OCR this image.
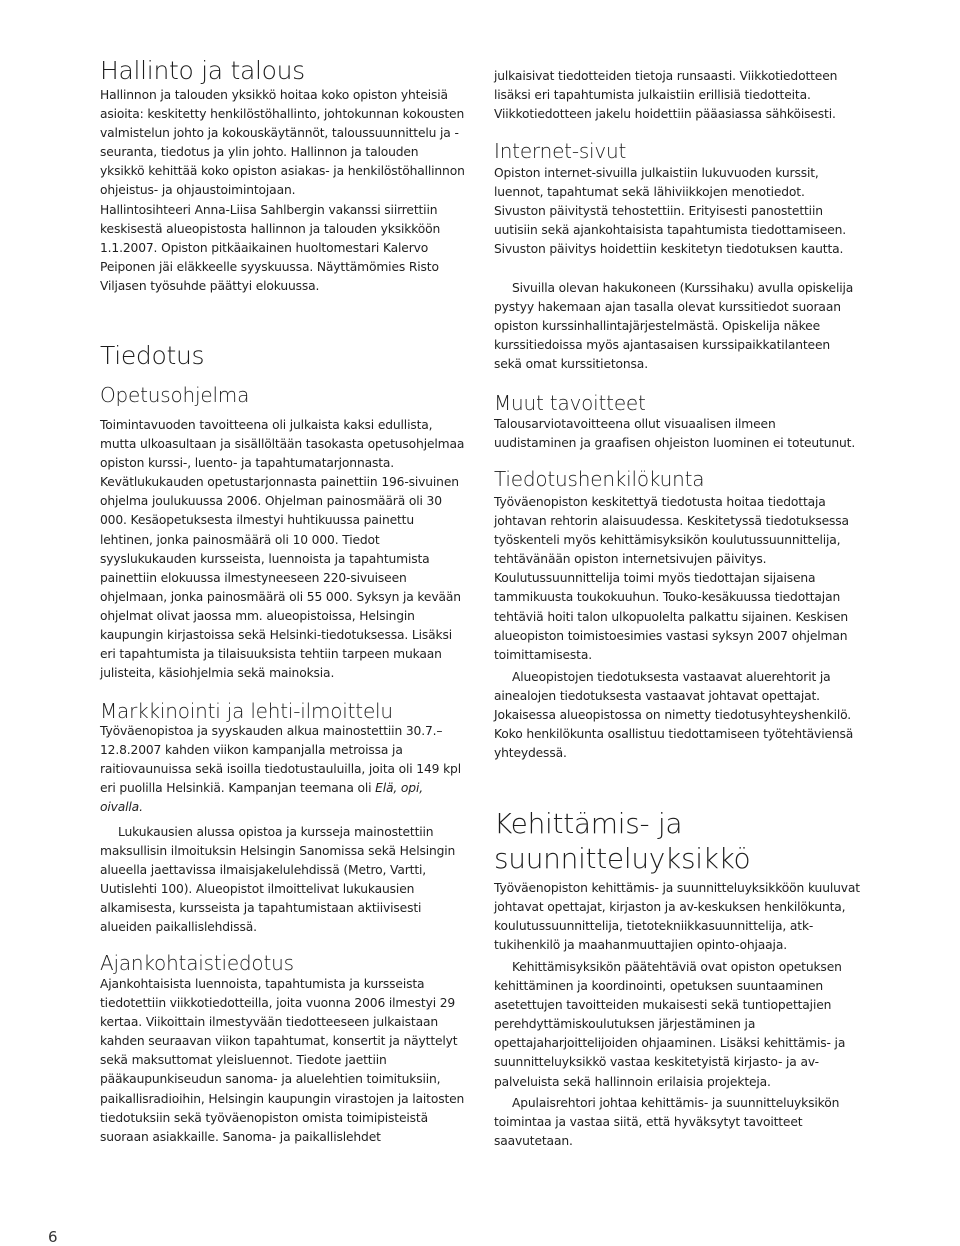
Hallinto ja talous

Hallinnon ja talouden yksikkö hoitaa koko opiston yhteisiä asioita: keskitetty henkilöstöhallinto, johtokunnan kokousten valmistelun johto ja kokouskäytännöt, taloussuunnittelu ja -seuranta, tiedotus ja ylin johto. Hallinnon ja talouden yksikkö kehittää koko opiston asiakas- ja henkilöstöhallinnon ohjeistus- ja ohjaustoimintojaan.

Hallintosihteeri Anna-Liisa Sahlbergin vakanssi siirrettiin keskisestä alueopistosta hallinnon ja talouden yksikköön 1.1.2007. Opiston pitkäaikainen huoltomestari Kalervo Peiponen jäi eläkkeelle syyskuussa. Näyttämömies Risto Viljasen työsuhde päättyi elokuussa.

Tiedotus
Opetusohjelma

Toimintavuoden tavoitteena oli julkaista kaksi edullista, mutta ulkoasultaan ja sisällöltään tasokasta opetusohjelmaa opiston kurssi-, luento- ja tapahtumatarjonnasta. Kevätlukukauden opetustarjonnasta painettiin 196-sivuinen ohjelma joulukuussa 2006. Ohjelman painosmäärä oli 30 000. Kesäopetuksesta ilmestyi huhtikuussa painettu lehtinen, jonka painosmäärä oli 10 000. Tiedot syyslukukauden kursseista, luennoista ja tapahtumista painettiin elokuussa ilmestyneeseen 220-sivuiseen ohjelmaan, jonka painosmäärä oli 55 000. Syksyn ja kevään ohjelmat olivat jaossa mm. alueopistoissa, Helsingin kaupungin kirjastoissa sekä Helsinki-tiedotuksessa. Lisäksi eri tapahtumista ja tilaisuuksista tehtiin tarpeen mukaan julisteita, käsiohjelmia sekä mainoksia.

Markkinointi ja lehti-ilmoittelu

Työväenopistoa ja syyskauden alkua mainostettiin 30.7.–12.8.2007 kahden viikon kampanjalla metroissa ja raitiovaunuissa sekä isoilla tiedotustauluilla, joita oli 149 kpl eri puolilla Helsinkiä. Kampanjan teemana oli Elä, opi, oivalla.

Lukukausien alussa opistoa ja kursseja mainostettiin maksullisin ilmoituksin Helsingin Sanomissa sekä Helsingin alueella jaettavissa ilmaisjakelulehdissä (Metro, Vartti, Uutislehti 100). Alueopistot ilmoittelivat lukukausien alkamisesta, kursseista ja tapahtumistaan aktiivisesti alueiden paikallislehdissä.

Ajankohtaistiedotus

Ajankohtaisista luennoista, tapahtumista ja kursseista tiedotettiin viikkotiedotteilla, joita vuonna 2006 ilmestyi 29 kertaa. Viikoittain ilmestyvään tiedotteeseen julkaistaan kahden seuraavan viikon tapahtumat, konsertit ja näyttelyt sekä maksuttomat yleisluennot. Tiedote jaettiin pääkaupunkiseudun sanoma- ja aluelehtien toimituksiin, paikallisradioihin, Helsingin kaupungin virastojen ja laitosten tiedotuksiin sekä työväenopiston omista toimipisteistä suoraan asiakkaille. Sanoma- ja paikallislehdet

julkaisivat tiedotteiden tietoja runsaasti. Viikkotiedotteen lisäksi eri tapahtumista julkaistiin erillisiä tiedotteita. Viikkotiedotteen jakelu hoidettiin pääasiassa sähköisesti.

Internet-sivut

Opiston internet-sivuilla julkaistiin lukuvuoden kurssit, luennot, tapahtumat sekä lähiviikkojen menotiedot. Sivuston päivitystä tehostettiin. Erityisesti panostettiin uutisiin sekä ajankohtaisista tapahtumista tiedottamiseen. Sivuston päivitys hoidettiin keskitetyn tiedotuksen kautta.

Sivuilla olevan hakukoneen (Kurssihaku) avulla opiskelija pystyy hakemaan ajan tasalla olevat kurssitiedot suoraan opiston kurssinhallintajärjestelmästä. Opiskelija näkee kurssitiedoissa myös ajantasaisen kurssipaikkatilanteen sekä omat kurssitietonsa.

Muut tavoitteet

Talousarviotavoitteena ollut visuaalisen ilmeen uudistaminen ja graafisen ohjeiston luominen ei toteutunut.

Tiedotushenkilökunta

Työväenopiston keskitettyä tiedotusta hoitaa tiedottaja johtavan rehtorin alaisuudessa. Keskitetyssä tiedotuksessa työskenteli myös kehittämisyksikön koulutussuunnittelija, tehtävänään opiston internetsivujen päivitys. Koulutussuunnittelija toimi myös tiedottajan sijaisena tammikuusta toukokuuhun. Touko-kesäkuussa tiedottajan tehtäviä hoiti talon ulkopuolelta palkattu sijainen. Keskisen alueopiston toimistoesimies vastasi syksyn 2007 ohjelman toimittamisesta.

Alueopistojen tiedotuksesta vastaavat aluerehtorit ja ainealojen tiedotuksesta vastaavat johtavat opettajat. Jokaisessa alueopistossa on nimetty tiedotusyhteyshenkilö. Koko henkilökunta osallistuu tiedottamiseen työtehtäviensä yhteydessä.

Kehittämis- ja
suunnitteluyksikkö

Työväenopiston kehittämis- ja suunnitteluyksikköön kuuluvat johtavat opettajat, kirjaston ja av-keskuksen henkilökunta, koulutussuunnittelija, tietotekniikkasuunnittelija, atk-tukihenkilö ja maahanmuuttajien opinto-ohjaaja.

Kehittämisyksikön päätehtäviä ovat opiston opetuksen kehittäminen ja koordinointi, opetuksen suuntaaminen asetettujen tavoitteiden mukaisesti sekä tuntiopettajien perehdyttämiskoulutuksen järjestäminen ja opettajaharjoittelijoiden ohjaaminen. Lisäksi kehittämis- ja suunnitteluyksikkö vastaa keskitetyistä kirjasto- ja av-palveluista sekä hallinnoin erilaisia projekteja.

Apulaisrehtori johtaa kehittämis- ja suunnitteluyksikön toimintaa ja vastaa siitä, että hyväksytyt tavoitteet saavutetaan.

6
